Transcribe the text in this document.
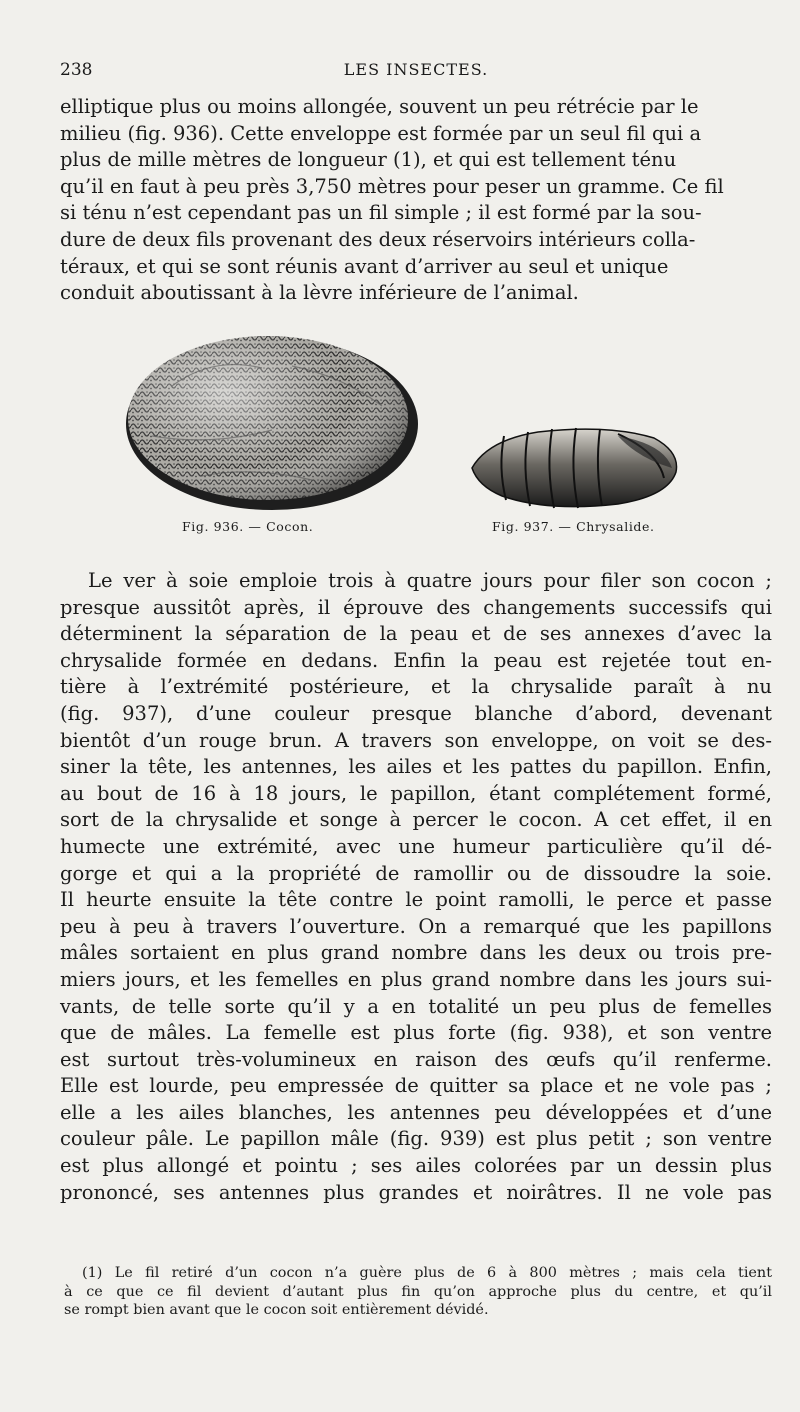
238	LES INSECTES.
elliptique plus ou moins allongée, souvent un peu rétrécie par le
milieu (fig. 936). Cette enveloppe est formée par un seul fil qui a
plus de mille mètres de longueur (1), et qui est tellement ténu
qu’il en faut à peu près 3,750 mètres pour peser un gramme. Ce fil
si ténu n’est cependant pas un fil simple ; il est formé par la sou-
dure de deux fils provenant des deux réservoirs intérieurs colla-
téraux, et qui se sont réunis avant d’arriver au seul et unique
conduit aboutissant à la lèvre inférieure de l’animal.
Fig. 936. — Cocon.	Fig. 937. — Chrysalide.
Le ver à soie emploie trois à quatre jours pour filer son cocon ;
presque aussitôt après, il éprouve des changements successifs qui
déterminent la séparation de la peau et de ses annexes d’avec la
chrysalide formée en dedans. Enfin la peau est rejetée tout en-
tière à l’extrémité postérieure, et la chrysalide paraît à nu
(fig. 937), d’une couleur presque blanche d’abord, devenant
bientôt d’un rouge brun. A travers son enveloppe, on voit se des-
siner la tête, les antennes, les ailes et les pattes du papillon. Enfin,
au bout de 16 à 18 jours, le papillon, étant complétement formé,
sort de la chrysalide et songe à percer le cocon. A cet effet, il en
humecte une extrémité, avec une humeur particulière qu’il dé-
gorge et qui a la propriété de ramollir ou de dissoudre la soie.
Il heurte ensuite la tête contre le point ramolli, le perce et passe
peu à peu à travers l’ouverture. On a remarqué que les papillons
mâles sortaient en plus grand nombre dans les deux ou trois pre-
miers jours, et les femelles en plus grand nombre dans les jours sui-
vants, de telle sorte qu’il y a en totalité un peu plus de femelles
que de mâles. La femelle est plus forte (fig. 938), et son ventre
est surtout très-volumineux en raison des œufs qu’il renferme.
Elle est lourde, peu empressée de quitter sa place et ne vole pas ;
elle a les ailes blanches, les antennes peu développées et d’une
couleur pâle. Le papillon mâle (fig. 939) est plus petit ; son ventre
est plus allongé et pointu ; ses ailes colorées par un dessin plus
prononcé, ses antennes plus grandes et noirâtres. Il ne vole pas
(1) Le fil retiré d’un cocon n’a guère plus de 6 à 800 mètres ; mais cela tient
à ce que ce fil devient d’autant plus fin qu’on approche plus du centre, et qu’il
se rompt bien avant que le cocon soit entièrement dévidé.
